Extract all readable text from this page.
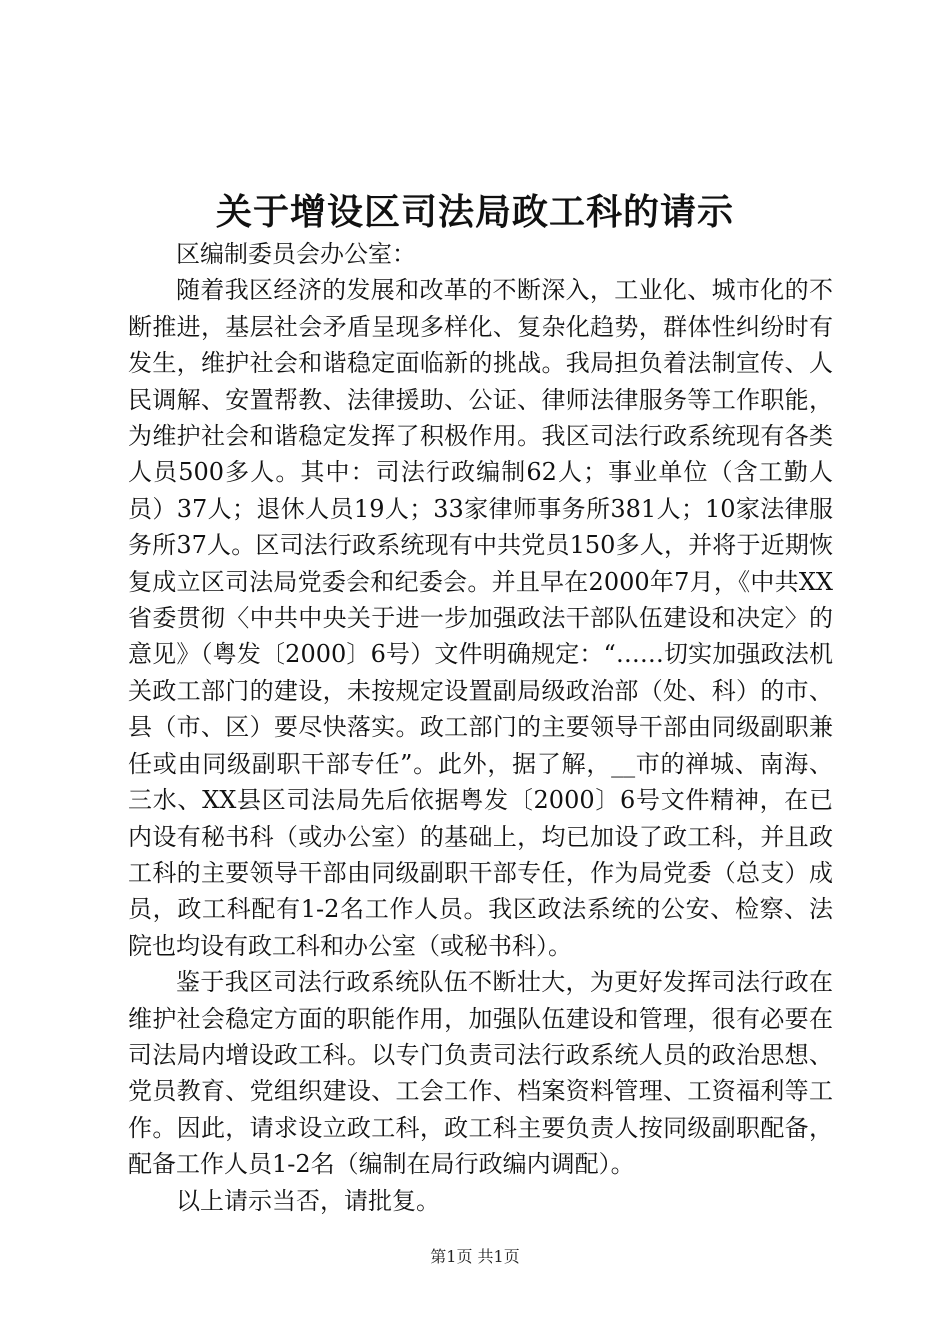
关于增设区司法局政工科的请示

区编制委员会办公室：

随着我区经济的发展和改革的不断深入，工业化、城市化的不断推进，基层社会矛盾呈现多样化、复杂化趋势，群体性纠纷时有发生，维护社会和谐稳定面临新的挑战。我局担负着法制宣传、人民调解、安置帮教、法律援助、公证、律师法律服务等工作职能，为维护社会和谐稳定发挥了积极作用。我区司法行政系统现有各类人员500多人。其中：司法行政编制62人；事业单位（含工勤人员）37人；退休人员19人；33家律师事务所381人；10家法律服务所37人。区司法行政系统现有中共党员150多人，并将于近期恢复成立区司法局党委会和纪委会。并且早在2000年7月，《中共XX省委贯彻〈中共中央关于进一步加强政法干部队伍建设和决定〉的意见》（粤发〔2000〕6号）文件明确规定：“……切实加强政法机关政工部门的建设，未按规定设置副局级政治部（处、科）的市、县（市、区）要尽快落实。政工部门的主要领导干部由同级副职兼任或由同级副职干部专任”。此外，据了解，__市的禅城、南海、三水、XX县区司法局先后依据粤发〔2000〕6号文件精神，在已内设有秘书科（或办公室）的基础上，均已加设了政工科，并且政工科的主要领导干部由同级副职干部专任，作为局党委（总支）成员，政工科配有1-2名工作人员。我区政法系统的公安、检察、法院也均设有政工科和办公室（或秘书科）。

鉴于我区司法行政系统队伍不断壮大，为更好发挥司法行政在维护社会稳定方面的职能作用，加强队伍建设和管理，很有必要在司法局内增设政工科。以专门负责司法行政系统人员的政治思想、党员教育、党组织建设、工会工作、档案资料管理、工资福利等工作。因此，请求设立政工科，政工科主要负责人按同级副职配备，配备工作人员1-2名（编制在局行政编内调配）。

以上请示当否，请批复。

第1页 共1页
